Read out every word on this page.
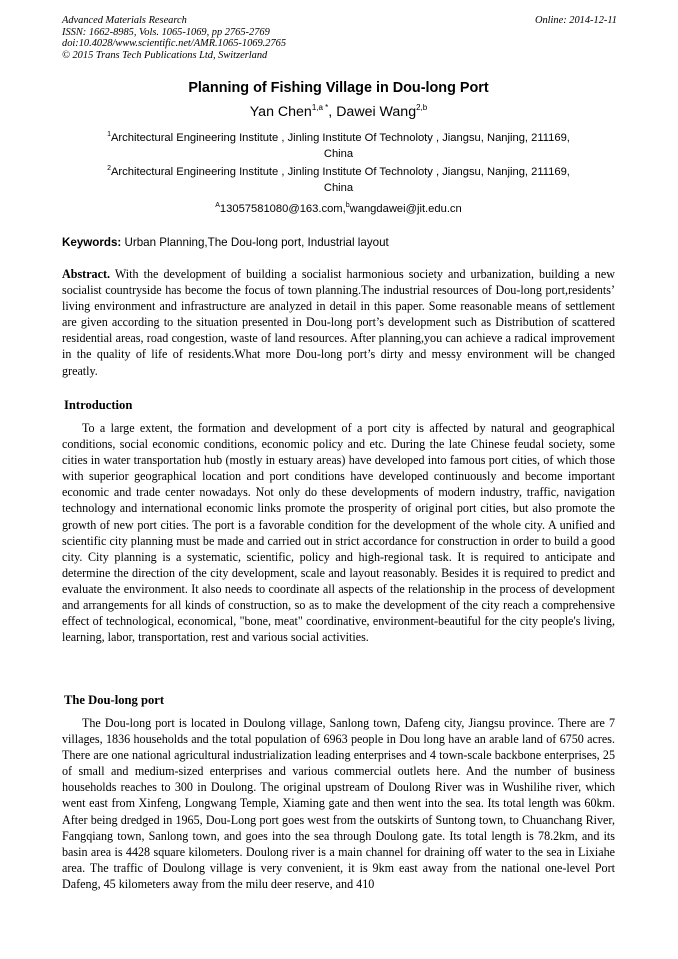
Advanced Materials Research
ISSN: 1662-8985, Vols. 1065-1069, pp 2765-2769
doi:10.4028/www.scientific.net/AMR.1065-1069.2765
© 2015 Trans Tech Publications Ltd, Switzerland
Online: 2014-12-11
Planning of Fishing Village in Dou-long Port
Yan Chen$^{1,a *}$, Dawei Wang$^{2,b}$
$^1$Architectural Engineering Institute , Jinling Institute Of Technoloty , Jiangsu, Nanjing, 211169,
China
$^2$Architectural Engineering Institute , Jinling Institute Of Technoloty , Jiangsu, Nanjing, 211169,
China
$^A$13057581080@163.com,$^b$wangdawei@jit.edu.cn
Keywords: Urban Planning,The Dou-long port, Industrial layout

Abstract. With the development of building a socialist harmonious society and urbanization, building a new socialist countryside has become the focus of town planning.The industrial resources of Dou-long port,residents’ living environment and infrastructure are analyzed in detail in this paper. Some reasonable means of settlement are given according to the situation presented in Dou-long port’s development such as Distribution of scattered residential areas, road congestion, waste of land resources. After planning,you can achieve a radical improvement in the quality of life of residents.What more Dou-long port’s dirty and messy environment will be changed greatly.

Introduction

To a large extent, the formation and development of a port city is affected by natural and geographical conditions, social economic conditions, economic policy and etc. During the late Chinese feudal society, some cities in water transportation hub (mostly in estuary areas) have developed into famous port cities, of which those with superior geographical location and port conditions have developed continuously and become important economic and trade center nowadays. Not only do these developments of modern industry, traffic, navigation technology and international economic links promote the prosperity of original port cities, but also promote the growth of new port cities. The port is a favorable condition for the development of the whole city. A unified and scientific city planning must be made and carried out in strict accordance for construction in order to build a good city. City planning is a systematic, scientific, policy and high-regional task. It is required to anticipate and determine the direction of the city development, scale and layout reasonably. Besides it is required to predict and evaluate the environment. It also needs to coordinate all aspects of the relationship in the process of development and arrangements for all kinds of construction, so as to make the development of the city reach a comprehensive effect of technological, economical, "bone, meat" coordinative, environment-beautiful for the city people's living, learning, labor, transportation, rest and various social activities.

The Dou-long port

The Dou-long port is located in Doulong village, Sanlong town, Dafeng city, Jiangsu province. There are 7 villages, 1836 households and the total population of 6963 people in Dou long have an arable land of 6750 acres. There are one national agricultural industrialization leading enterprises and 4 town-scale backbone enterprises, 25 of small and medium-sized enterprises and various commercial outlets here. And the number of business households reaches to 300 in Doulong. The original upstream of Doulong River was in Wushilihe river, which went east from Xinfeng, Longwang Temple, Xiaming gate and then went into the sea. Its total length was 60km. After being dredged in 1965, Dou-Long port goes west from the outskirts of Suntong town, to Chuanchang River, Fangqiang town, Sanlong town, and goes into the sea through Doulong gate. Its total length is 78.2km, and its basin area is 4428 square kilometers. Doulong river is a main channel for draining off water to the sea in Lixiahe area. The traffic of Doulong village is very convenient, it is 9km east away from the national one-level Port Dafeng, 45 kilometers away from the milu deer reserve, and 410
